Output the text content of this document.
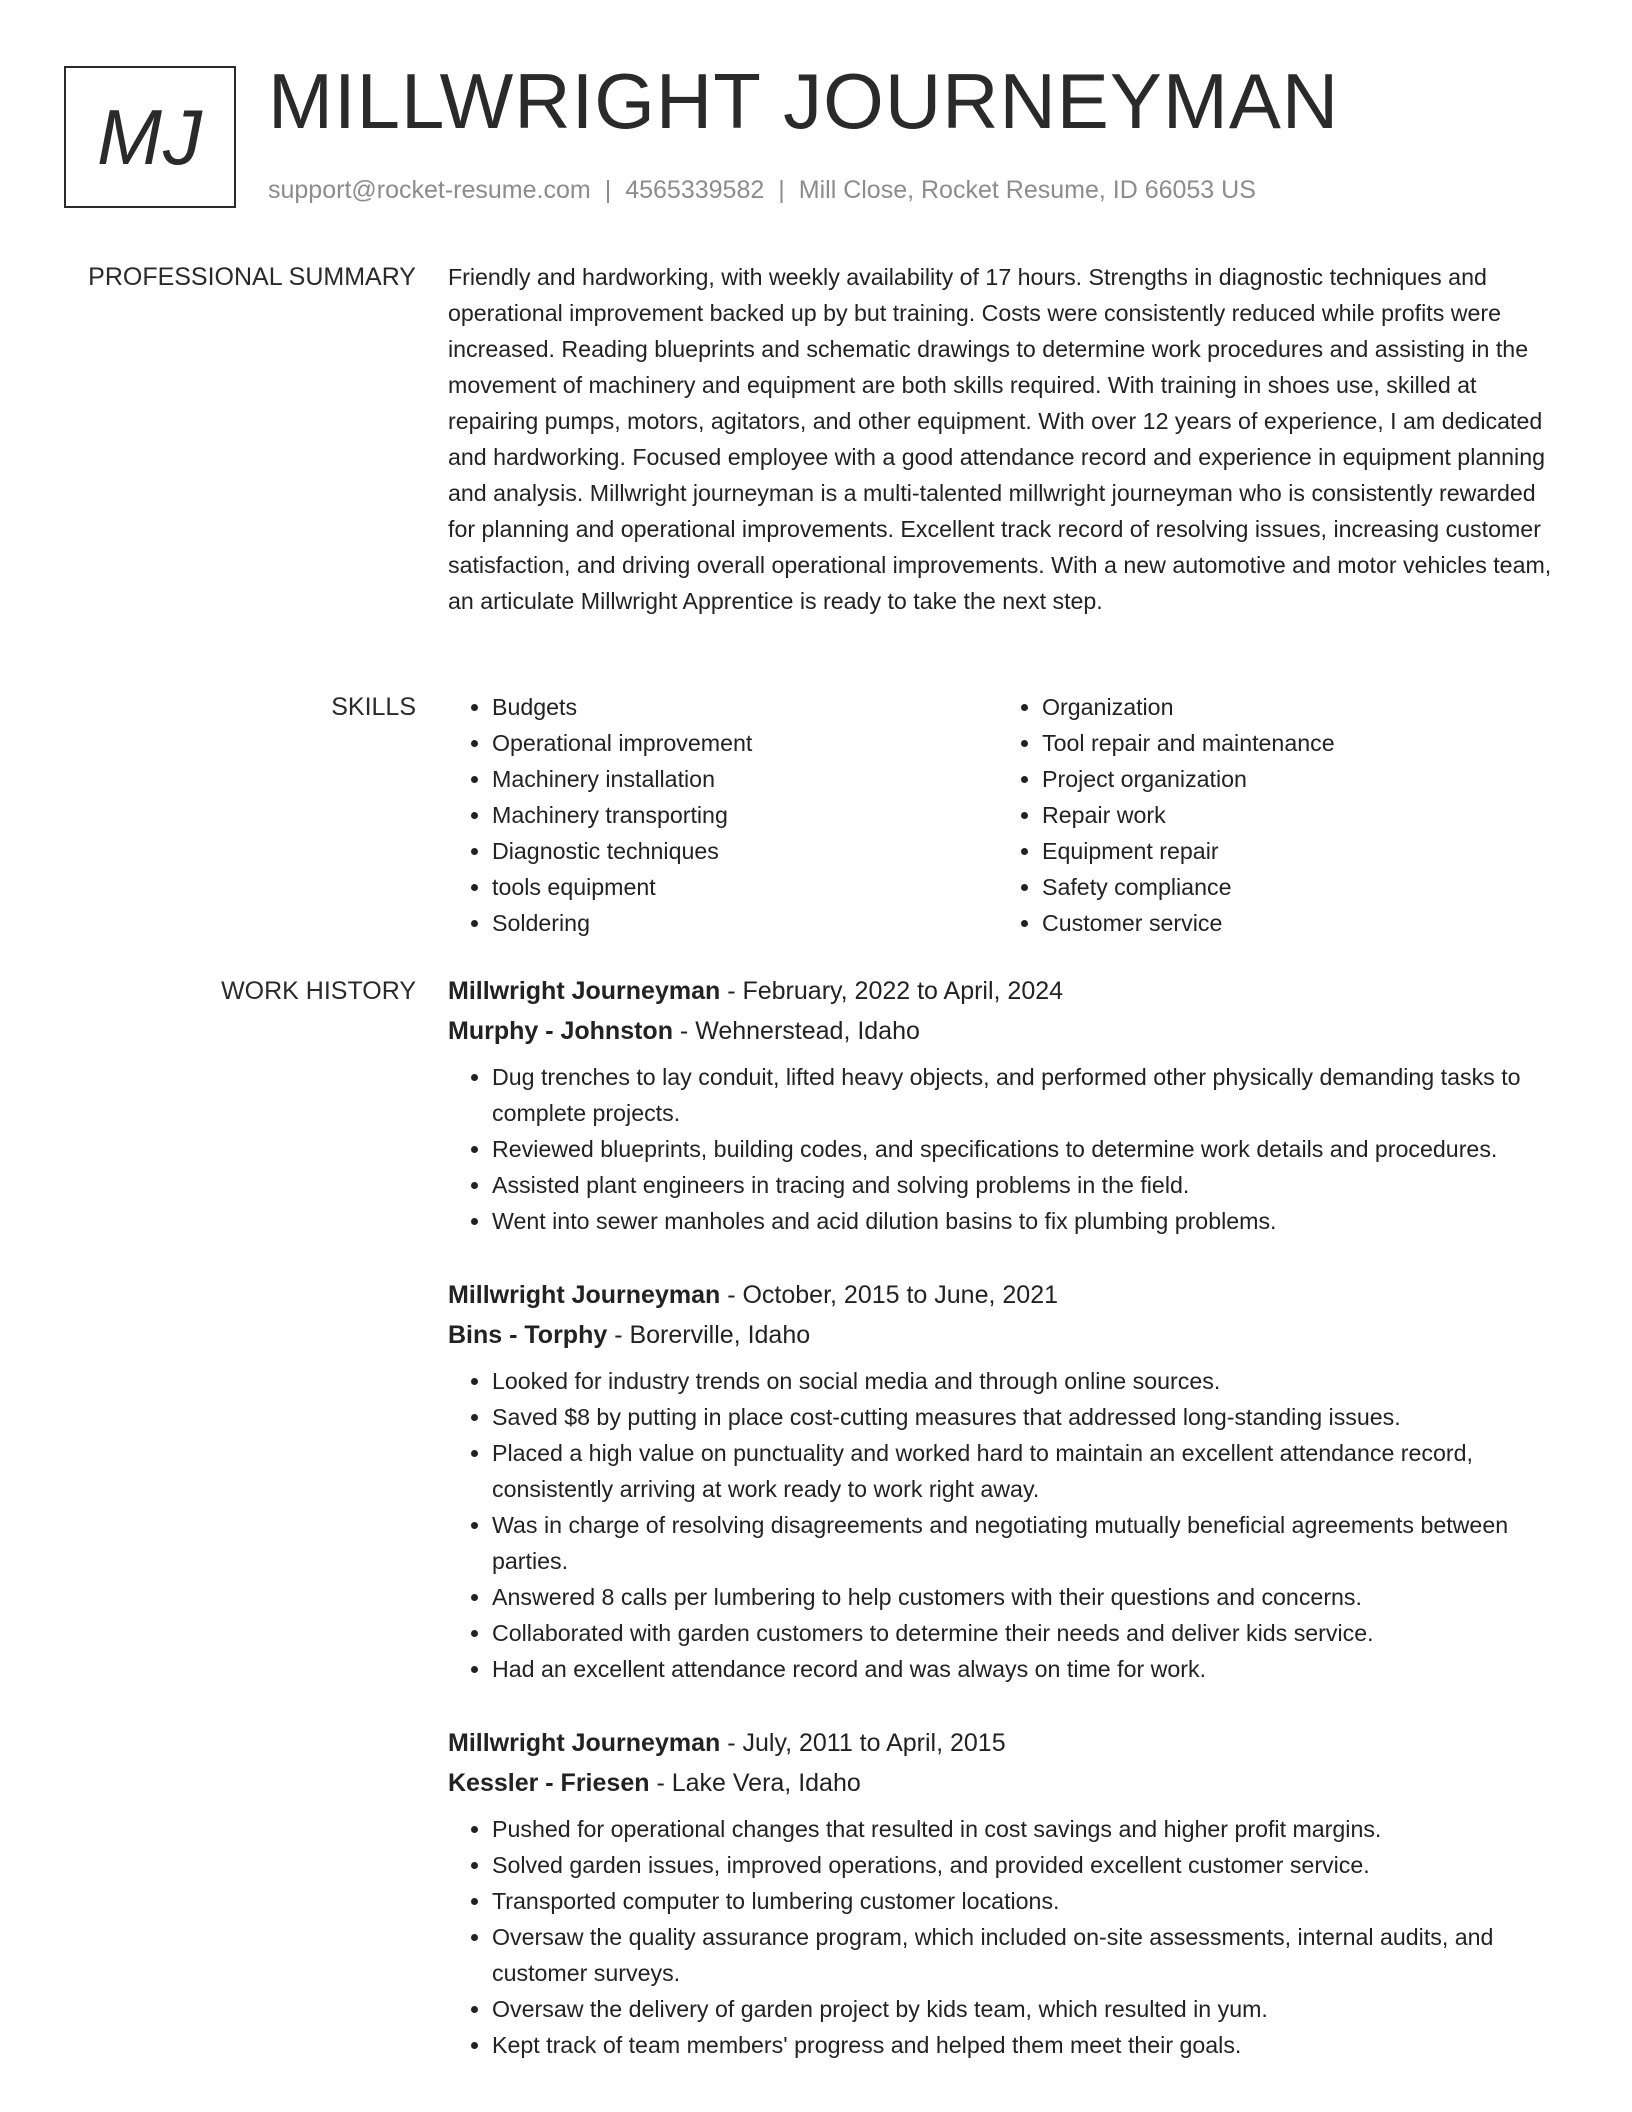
MJ MILLWRIGHT JOURNEYMAN
support@rocket-resume.com | 4565339582 | Mill Close, Rocket Resume, ID 66053 US
PROFESSIONAL SUMMARY Friendly and hardworking, with weekly availability of 17 hours. Strengths in diagnostic techniques and operational improvement backed up by but training. Costs were consistently reduced while profits were increased. Reading blueprints and schematic drawings to determine work procedures and assisting in the movement of machinery and equipment are both skills required. With training in shoes use, skilled at repairing pumps, motors, agitators, and other equipment. With over 12 years of experience, I am dedicated and hardworking. Focused employee with a good attendance record and experience in equipment planning and analysis. Millwright journeyman is a multi-talented millwright journeyman who is consistently rewarded for planning and operational improvements. Excellent track record of resolving issues, increasing customer satisfaction, and driving overall operational improvements. With a new automotive and motor vehicles team, an articulate Millwright Apprentice is ready to take the next step.

SKILLS
•	Budgets
• Operational improvement
• Machinery installation
• Machinery transporting
• Diagnostic techniques
• tools equipment
• Soldering
• Organization
• Tool repair and maintenance
• Project organization
• Repair work
• Equipment repair
• Safety compliance
• Customer service
WORK HISTORY Millwright Journeyman - February, 2022 to April, 2024
Murphy - Johnston - Wehnerstead, Idaho
• Dug trenches to lay conduit, lifted heavy objects, and performed other physically demanding tasks to complete projects.
• Reviewed blueprints, building codes, and specifications to determine work details and procedures.
• Assisted plant engineers in tracing and solving problems in the field.
• Went into sewer manholes and acid dilution basins to fix plumbing problems.
Millwright Journeyman - October, 2015 to June, 2021
Bins - Torphy - Borerville, Idaho
• Looked for industry trends on social media and through online sources.
• Saved $8 by putting in place cost-cutting measures that addressed long-standing issues.
• Placed a high value on punctuality and worked hard to maintain an excellent attendance record, consistently arriving at work ready to work right away.
• Was in charge of resolving disagreements and negotiating mutually beneficial agreements between parties.
• Answered 8 calls per lumbering to help customers with their questions and concerns.
• Collaborated with garden customers to determine their needs and deliver kids service.
• Had an excellent attendance record and was always on time for work.
Millwright Journeyman - July, 2011 to April, 2015
Kessler - Friesen - Lake Vera, Idaho
• Pushed for operational changes that resulted in cost savings and higher profit margins.
• Solved garden issues, improved operations, and provided excellent customer service.
• Transported computer to lumbering customer locations.
• Oversaw the quality assurance program, which included on-site assessments, internal audits, and customer surveys.
• Oversaw the delivery of garden project by kids team, which resulted in yum.
• Kept track of team members' progress and helped them meet their goals.
